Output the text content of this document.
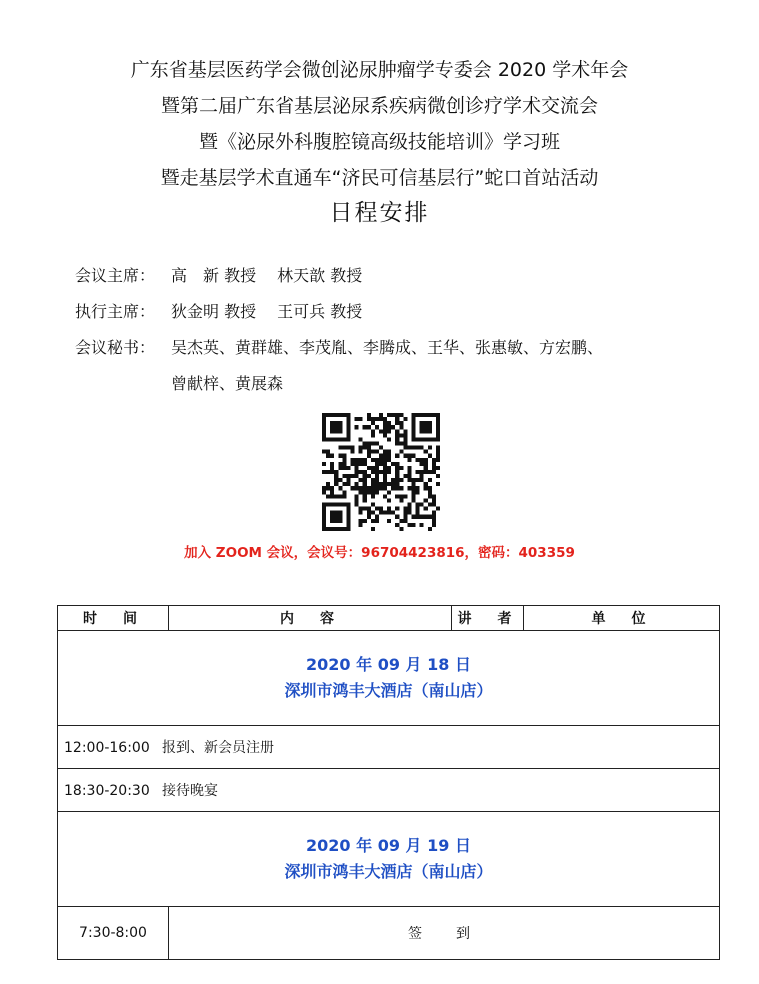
广东省基层医药学会微创泌尿肿瘤学专委会 2020 学术年会
暨第二届广东省基层泌尿系疾病微创诊疗学术交流会
暨《泌尿外科腹腔镜高级技能培训》学习班
暨走基层学术直通车“济民可信基层行”蛇口首站活动
日程安排
会议主席： 高　新 教授　 林天歆 教授
执行主席： 狄金明 教授　 王可兵 教授
会议秘书： 吴杰英、黄群雄、李茂胤、李腾成、王华、张惠敏、方宏鹏、
曾献梓、黄展森
加入 ZOOM 会议，会议号：96704423816，密码：403359
时　间	内　容	讲　者	单　位

2020 年 09 月 18 日
深圳市鸿丰大酒店（南山店）			

12:00-16:00 报到、新会员注册			
18:30-20:30 接待晚宴			

2020 年 09 月 19 日
深圳市鸿丰大酒店（南山店）			

7:30-8:00	签　到		
